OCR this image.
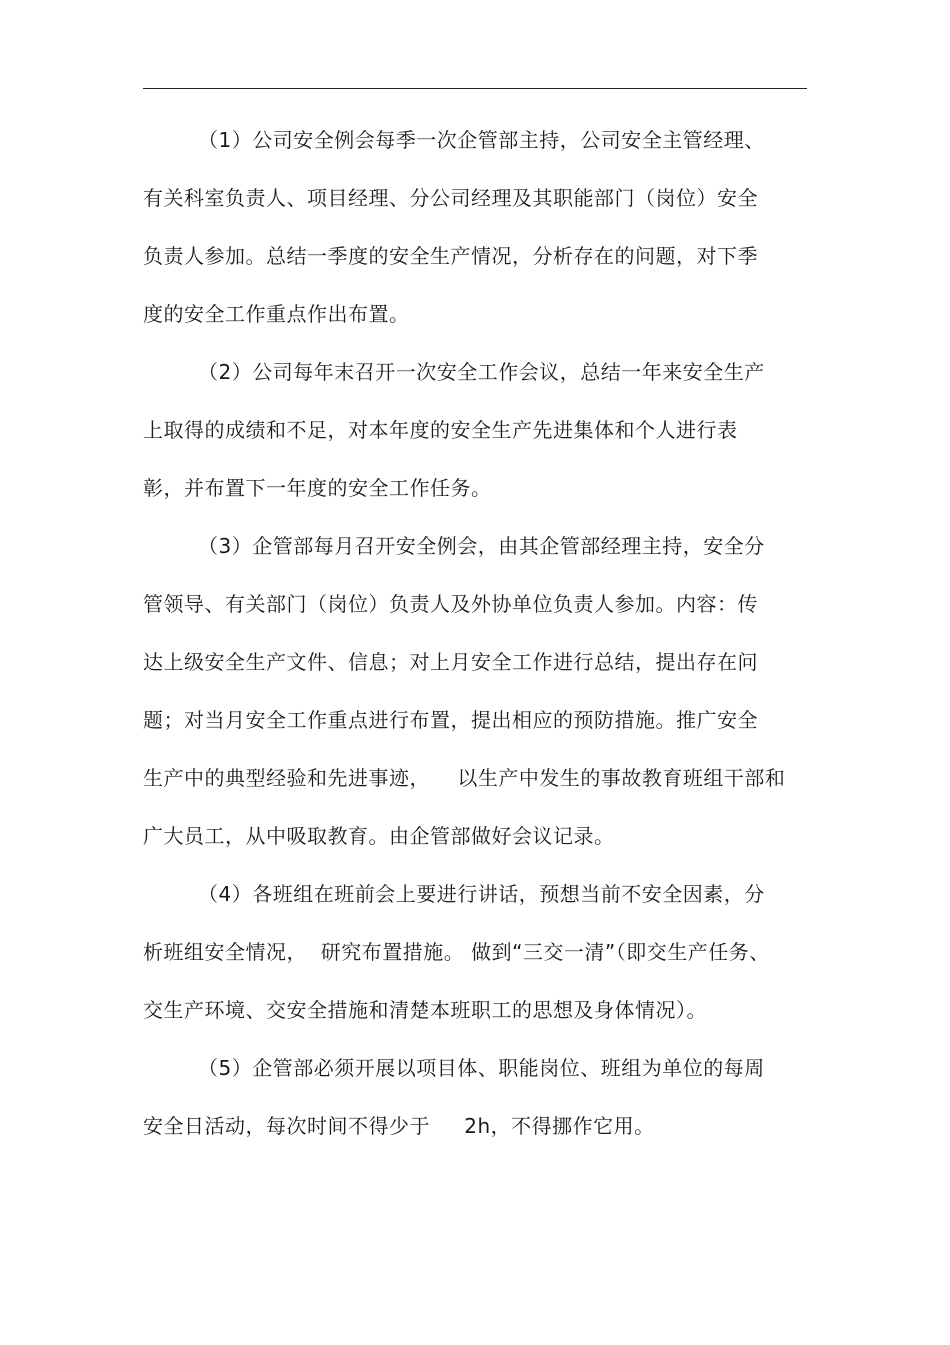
（1）公司安全例会每季一次企管部主持，公司安全主管经理、
有关科室负责人、项目经理、分公司经理及其职能部门（岗位）安全
负责人参加。总结一季度的安全生产情况，分析存在的问题，对下季
度的安全工作重点作出布置。
（2）公司每年末召开一次安全工作会议，总结一年来安全生产
上取得的成绩和不足，对本年度的安全生产先进集体和个人进行表
彰，并布置下一年度的安全工作任务。
（3）企管部每月召开安全例会，由其企管部经理主持，安全分
管领导、有关部门（岗位）负责人及外协单位负责人参加。内容：传
达上级安全生产文件、信息；对上月安全工作进行总结，提出存在问
题；对当月安全工作重点进行布置，提出相应的预防措施。推广安全
生产中的典型经验和先进事迹，    以生产中发生的事故教育班组干部和
广大员工，从中吸取教育。由企管部做好会议记录。
（4）各班组在班前会上要进行讲话，预想当前不安全因素，分
析班组安全情况，  研究布置措施。 做到“三交一清”（即交生产任务、
交生产环境、交安全措施和清楚本班职工的思想及身体情况）。
（5）企管部必须开展以项目体、职能岗位、班组为单位的每周
安全日活动，每次时间不得少于     2h，不得挪作它用。
